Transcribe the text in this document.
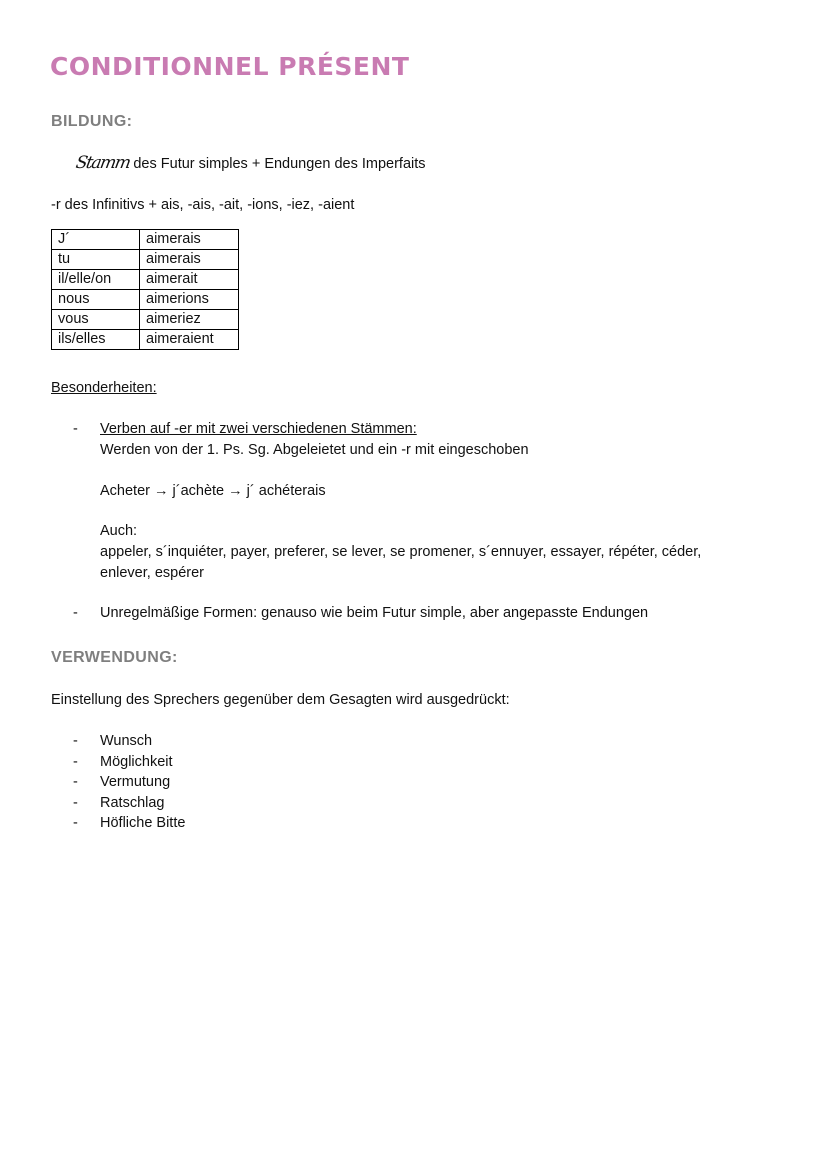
CONDITIONNEL PRÉSENT
BILDUNG:

Stamm des Futur simples + Endungen des Imperfaits

-r des Infinitivs + ais, -ais, -ait, -ions, -iez, -aient

J´	aimerais
tu	aimerais
il/elle/on	aimerait
nous	aimerions
vous	aimeriez
ils/elles	aimeraient

Besonderheiten:

- Verben auf -er mit zwei verschiedenen Stämmen:

Werden von der 1. Ps. Sg. Abgeleietet und ein -r mit eingeschoben

Acheter → j´achète → j´ achéterais

Auch:

appeler, s´inquiéter, payer, preferer, se lever, se promener, s´ennuyer, essayer, répéter, céder,

enlever, espérer

- Unregelmäßige Formen: genauso wie beim Futur simple, aber angepasste Endungen

VERWENDUNG:

Einstellung des Sprechers gegenüber dem Gesagten wird ausgedrückt:

- Wunsch

- Möglichkeit

- Vermutung

- Ratschlag

- Höfliche Bitte
